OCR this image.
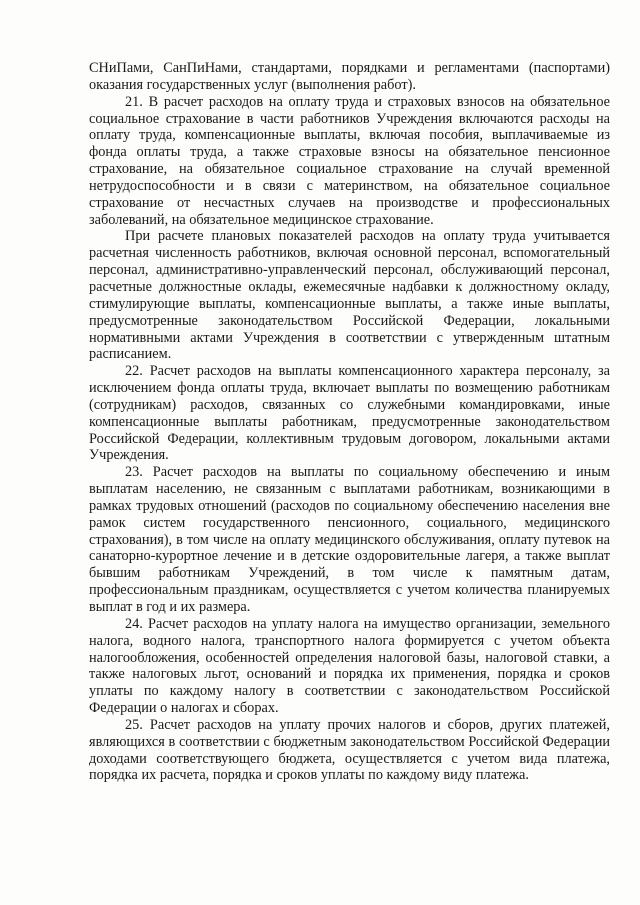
СНиПами, СанПиНами, стандартами, порядками и регламентами (паспортами) оказания государственных услуг (выполнения работ).

21. В расчет расходов на оплату труда и страховых взносов на обязательное социальное страхование в части работников Учреждения включаются расходы на оплату труда, компенсационные выплаты, включая пособия, выплачиваемые из фонда оплаты труда, а также страховые взносы на обязательное пенсионное страхование, на обязательное социальное страхование на случай временной нетрудоспособности и в связи с материнством, на обязательное социальное страхование от несчастных случаев на производстве и профессиональных заболеваний, на обязательное медицинское страхование.

При расчете плановых показателей расходов на оплату труда учитывается расчетная численность работников, включая основной персонал, вспомогательный персонал, административно-управленческий персонал, обслуживающий персонал, расчетные должностные оклады, ежемесячные надбавки к должностному окладу, стимулирующие выплаты, компенсационные выплаты, а также иные выплаты, предусмотренные законодательством Российской Федерации, локальными нормативными актами Учреждения в соответствии с утвержденным штатным расписанием.

22. Расчет расходов на выплаты компенсационного характера персоналу, за исключением фонда оплаты труда, включает выплаты по возмещению работникам (сотрудникам) расходов, связанных со служебными командировками, иные компенсационные выплаты работникам, предусмотренные законодательством Российской Федерации, коллективным трудовым договором, локальными актами Учреждения.

23. Расчет расходов на выплаты по социальному обеспечению и иным выплатам населению, не связанным с выплатами работникам, возникающими в рамках трудовых отношений (расходов по социальному обеспечению населения вне рамок систем государственного пенсионного, социального, медицинского страхования), в том числе на оплату медицинского обслуживания, оплату путевок на санаторно-курортное лечение и в детские оздоровительные лагеря, а также выплат бывшим работникам Учреждений, в том числе к памятным датам, профессиональным праздникам, осуществляется с учетом количества планируемых выплат в год и их размера.

24. Расчет расходов на уплату налога на имущество организации, земельного налога, водного налога, транспортного налога формируется с учетом объекта налогообложения, особенностей определения налоговой базы, налоговой ставки, а также налоговых льгот, оснований и порядка их применения, порядка и сроков уплаты по каждому налогу в соответствии с законодательством Российской Федерации о налогах и сборах.

25. Расчет расходов на уплату прочих налогов и сборов, других платежей, являющихся в соответствии с бюджетным законодательством Российской Федерации доходами соответствующего бюджета, осуществляется с учетом вида платежа, порядка их расчета, порядка и сроков уплаты по каждому виду платежа.
